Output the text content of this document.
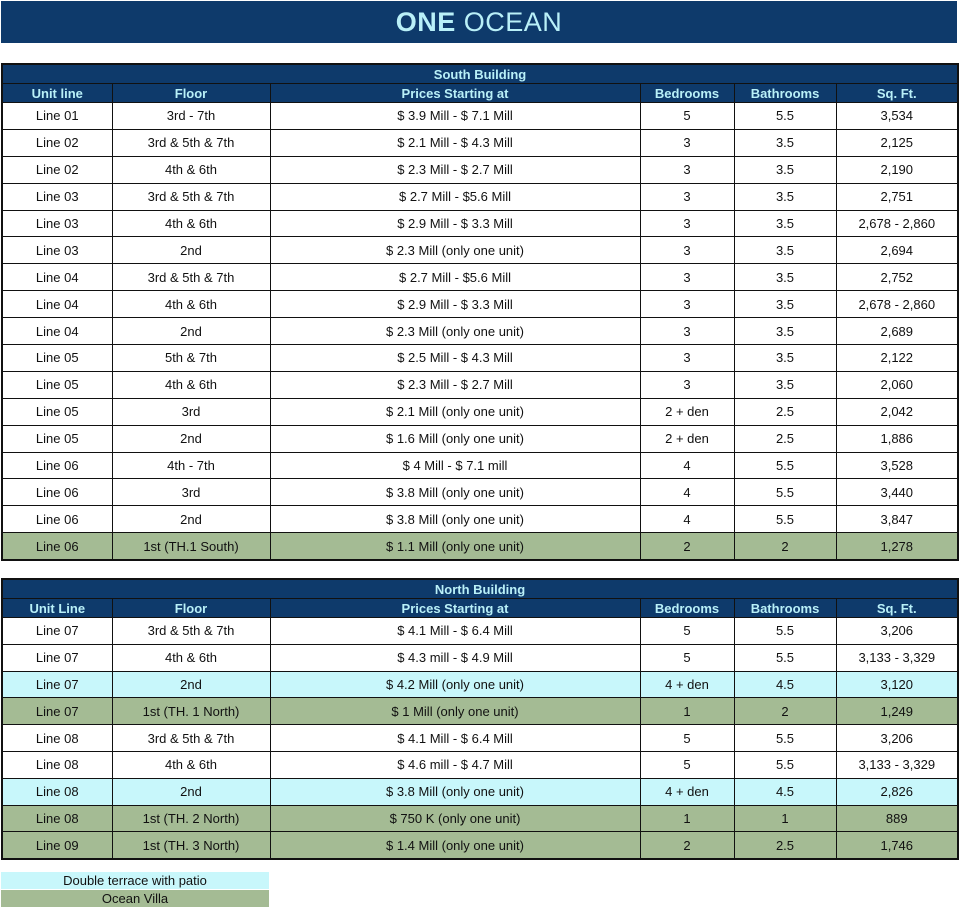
ONE OCEAN
South Building					
Unit line	Floor	Prices Starting at	Bedrooms	Bathrooms	Sq. Ft.
Line 01	3rd - 7th	$ 3.9 Mill - $ 7.1 Mill	5	5.5	3,534
Line 02	3rd & 5th & 7th	$ 2.1 Mill - $ 4.3 Mill	3	3.5	2,125
Line 02	4th & 6th	$ 2.3 Mill - $ 2.7 Mill	3	3.5	2,190
Line 03	3rd & 5th & 7th	$ 2.7 Mill - $5.6 Mill	3	3.5	2,751
Line 03	4th & 6th	$ 2.9 Mill - $ 3.3 Mill	3	3.5	2,678 - 2,860
Line 03	2nd	$ 2.3 Mill (only one unit)	3	3.5	2,694
Line 04	3rd & 5th & 7th	$ 2.7 Mill - $5.6 Mill	3	3.5	2,752
Line 04	4th & 6th	$ 2.9 Mill - $ 3.3 Mill	3	3.5	2,678 - 2,860
Line 04	2nd	$ 2.3 Mill (only one unit)	3	3.5	2,689
Line 05	5th & 7th	$ 2.5 Mill - $ 4.3 Mill	3	3.5	2,122
Line 05	4th & 6th	$ 2.3 Mill - $ 2.7 Mill	3	3.5	2,060
Line 05	3rd	$ 2.1 Mill (only one unit)	2 + den	2.5	2,042
Line 05	2nd	$ 1.6 Mill (only one unit)	2 + den	2.5	1,886
Line 06	4th - 7th	$ 4 Mill - $ 7.1 mill	4	5.5	3,528
Line 06	3rd	$ 3.8 Mill (only one unit)	4	5.5	3,440
Line 06	2nd	$ 3.8 Mill (only one unit)	4	5.5	3,847
Line 06	1st (TH.1 South)	$ 1.1 Mill (only one unit)	2	2	1,278
North Building					
Unit Line	Floor	Prices Starting at	Bedrooms	Bathrooms	Sq. Ft.
Line 07	3rd & 5th & 7th	$ 4.1 Mill - $ 6.4 Mill	5	5.5	3,206
Line 07	4th & 6th	$ 4.3 mill - $ 4.9 Mill	5	5.5	3,133 - 3,329
Line 07	2nd	$ 4.2 Mill (only one unit)	4 + den	4.5	3,120
Line 07	1st (TH. 1 North)	$ 1 Mill (only one unit)	1	2	1,249
Line 08	3rd & 5th & 7th	$ 4.1 Mill - $ 6.4 Mill	5	5.5	3,206
Line 08	4th & 6th	$ 4.6 mill - $ 4.7 Mill	5	5.5	3,133 - 3,329
Line 08	2nd	$ 3.8 Mill (only one unit)	4 + den	4.5	2,826
Line 08	1st (TH. 2 North)	$ 750 K (only one unit)	1	1	889
Line 09	1st (TH. 3 North)	$ 1.4 Mill (only one unit)	2	2.5	1,746
Double terrace with patio
Ocean Villa
